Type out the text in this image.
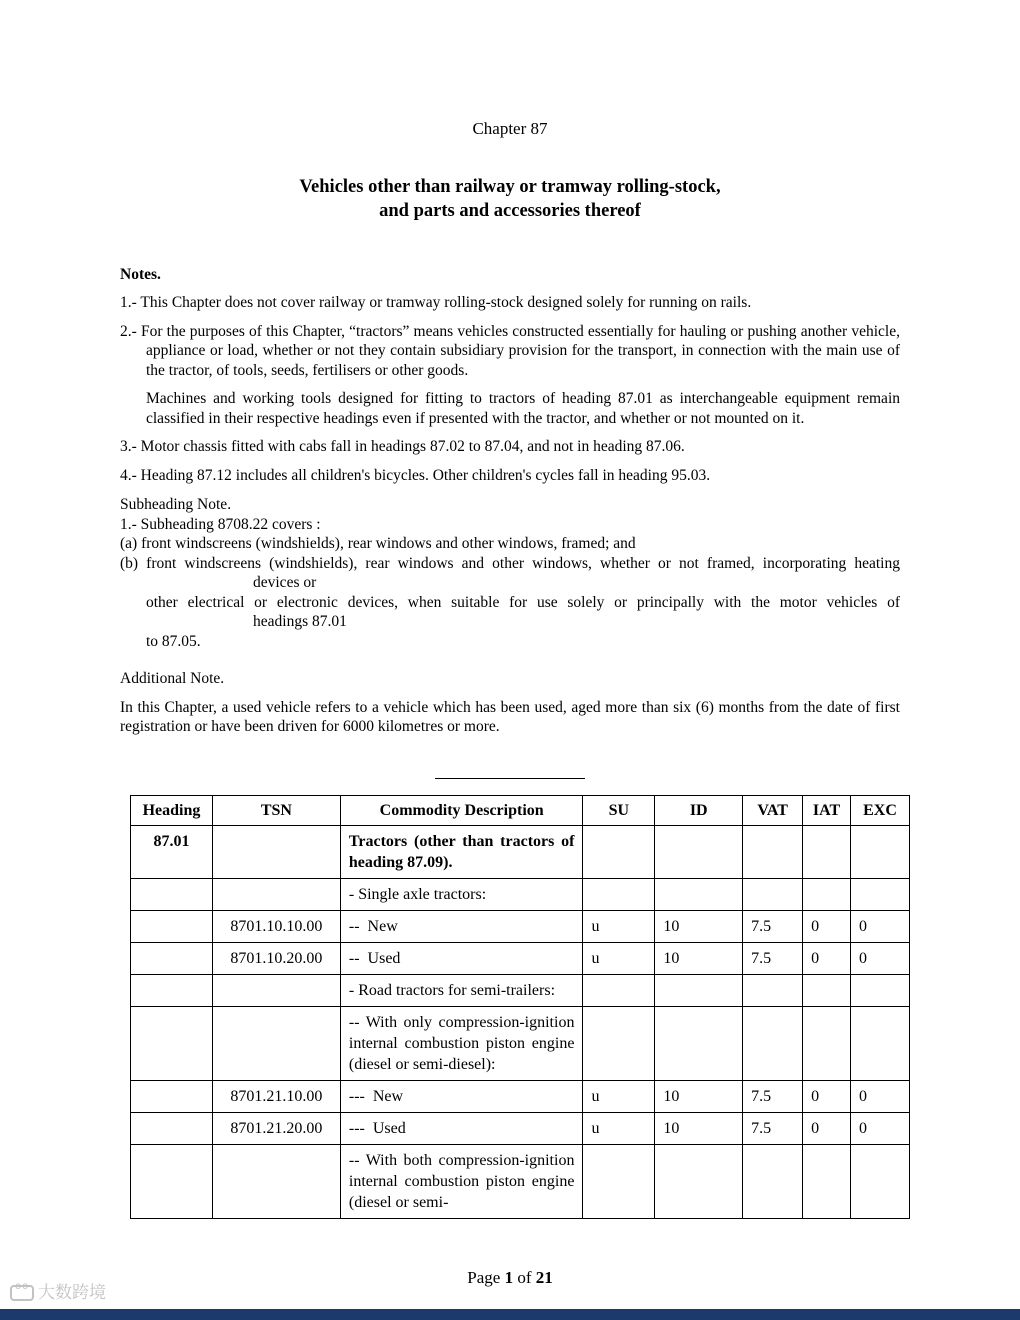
Chapter 87
Vehicles other than railway or tramway rolling-stock,
and parts and accessories thereof
Notes.

1.- This Chapter does not cover railway or tramway rolling-stock designed solely for running on rails.

2.- For the purposes of this Chapter, “tractors” means vehicles constructed essentially for hauling or pushing another vehicle, appliance or load, whether or not they contain subsidiary provision for the transport, in connection with the main use of the tractor, of tools, seeds, fertilisers or other goods.

Machines and working tools designed for fitting to tractors of heading 87.01 as interchangeable equipment remain classified in their respective headings even if presented with the tractor, and whether or not mounted on it.

3.- Motor chassis fitted with cabs fall in headings 87.02 to 87.04, and not in heading 87.06.

4.- Heading 87.12 includes all children's bicycles. Other children's cycles fall in heading 95.03.

Subheading Note.

1.- Subheading 8708.22 covers :

(a) front windscreens (windshields), rear windows and other windows, framed; and

(b) front windscreens (windshields), rear windows and other windows, whether or not framed, incorporating heating

devices or

other electrical or electronic devices, when suitable for use solely or principally with the motor vehicles of

headings 87.01

to 87.05.

Additional Note.

In this Chapter, a used vehicle refers to a vehicle which has been used, aged more than six (6) months from the date of first registration or have been driven for 6000 kilometres or more.

Heading	TSN	Commodity Description	SU	ID	VAT	IAT	EXC
87.01		Tractors (other than tractors of heading 87.09).					
		- Single axle tractors:					
	8701.10.10.00	--  New	u	10	7.5	0	0
	8701.10.20.00	--  Used	u	10	7.5	0	0
		- Road tractors for semi-trailers:					
		-- With only compression-ignition internal combustion piston engine (diesel or semi-diesel):					
	8701.21.10.00	---  New	u	10	7.5	0	0
	8701.21.20.00	---  Used	u	10	7.5	0	0
		-- With both compression-ignition internal combustion piston engine (diesel or semi-					
Page 1 of 21
oo
大数跨境
